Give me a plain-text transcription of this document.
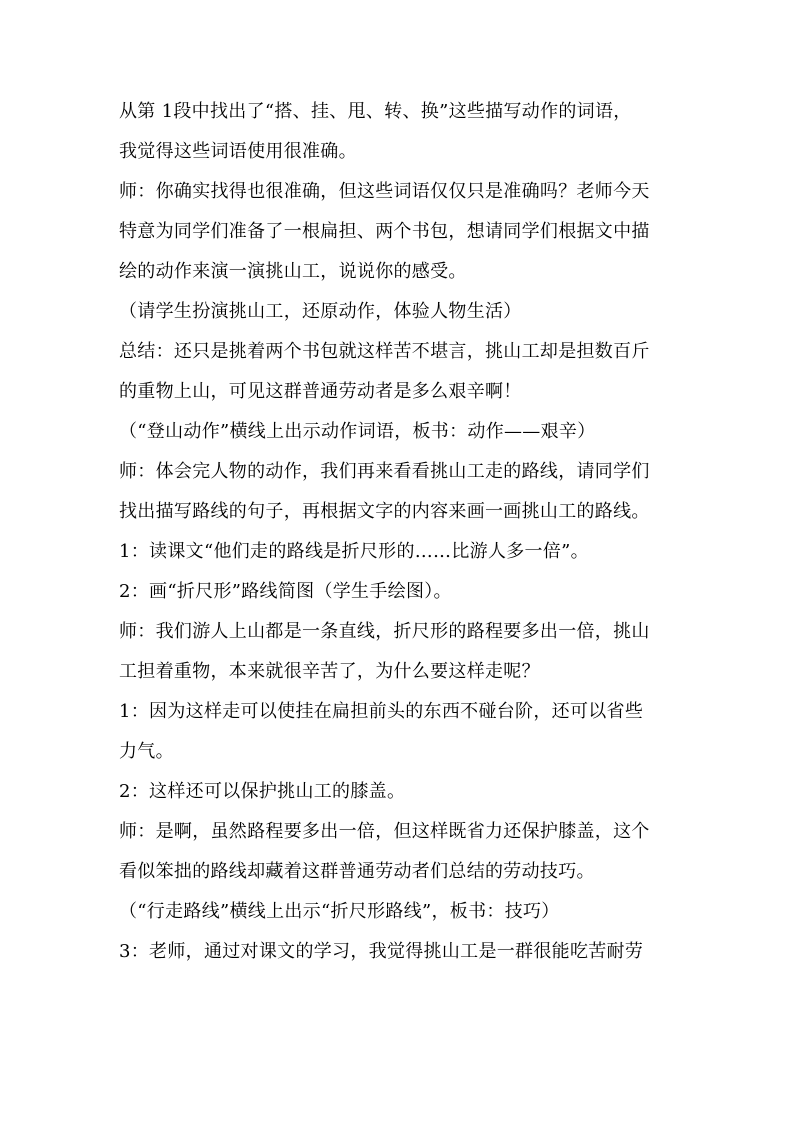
从第 1段中找出了“搭、挂、甩、转、换”这些描写动作的词语，
我觉得这些词语使用很准确。
师：你确实找得也很准确，但这些词语仅仅只是准确吗？老师今天
特意为同学们准备了一根扁担、两个书包，想请同学们根据文中描
绘的动作来演一演挑山工，说说你的感受。
（请学生扮演挑山工，还原动作，体验人物生活）
总结：还只是挑着两个书包就这样苦不堪言，挑山工却是担数百斤
的重物上山，可见这群普通劳动者是多么艰辛啊！
（“登山动作”横线上出示动作词语，板书：动作——艰辛）
师：体会完人物的动作，我们再来看看挑山工走的路线，请同学们
找出描写路线的句子，再根据文字的内容来画一画挑山工的路线。
1：读课文“他们走的路线是折尺形的……比游人多一倍”。
2：画“折尺形”路线简图（学生手绘图）。
师：我们游人上山都是一条直线，折尺形的路程要多出一倍，挑山
工担着重物，本来就很辛苦了，为什么要这样走呢？
1：因为这样走可以使挂在扁担前头的东西不碰台阶，还可以省些
力气。
2：这样还可以保护挑山工的膝盖。
师：是啊，虽然路程要多出一倍，但这样既省力还保护膝盖，这个
看似笨拙的路线却藏着这群普通劳动者们总结的劳动技巧。
（“行走路线”横线上出示“折尺形路线”，板书：技巧）
3：老师，通过对课文的学习，我觉得挑山工是一群很能吃苦耐劳
